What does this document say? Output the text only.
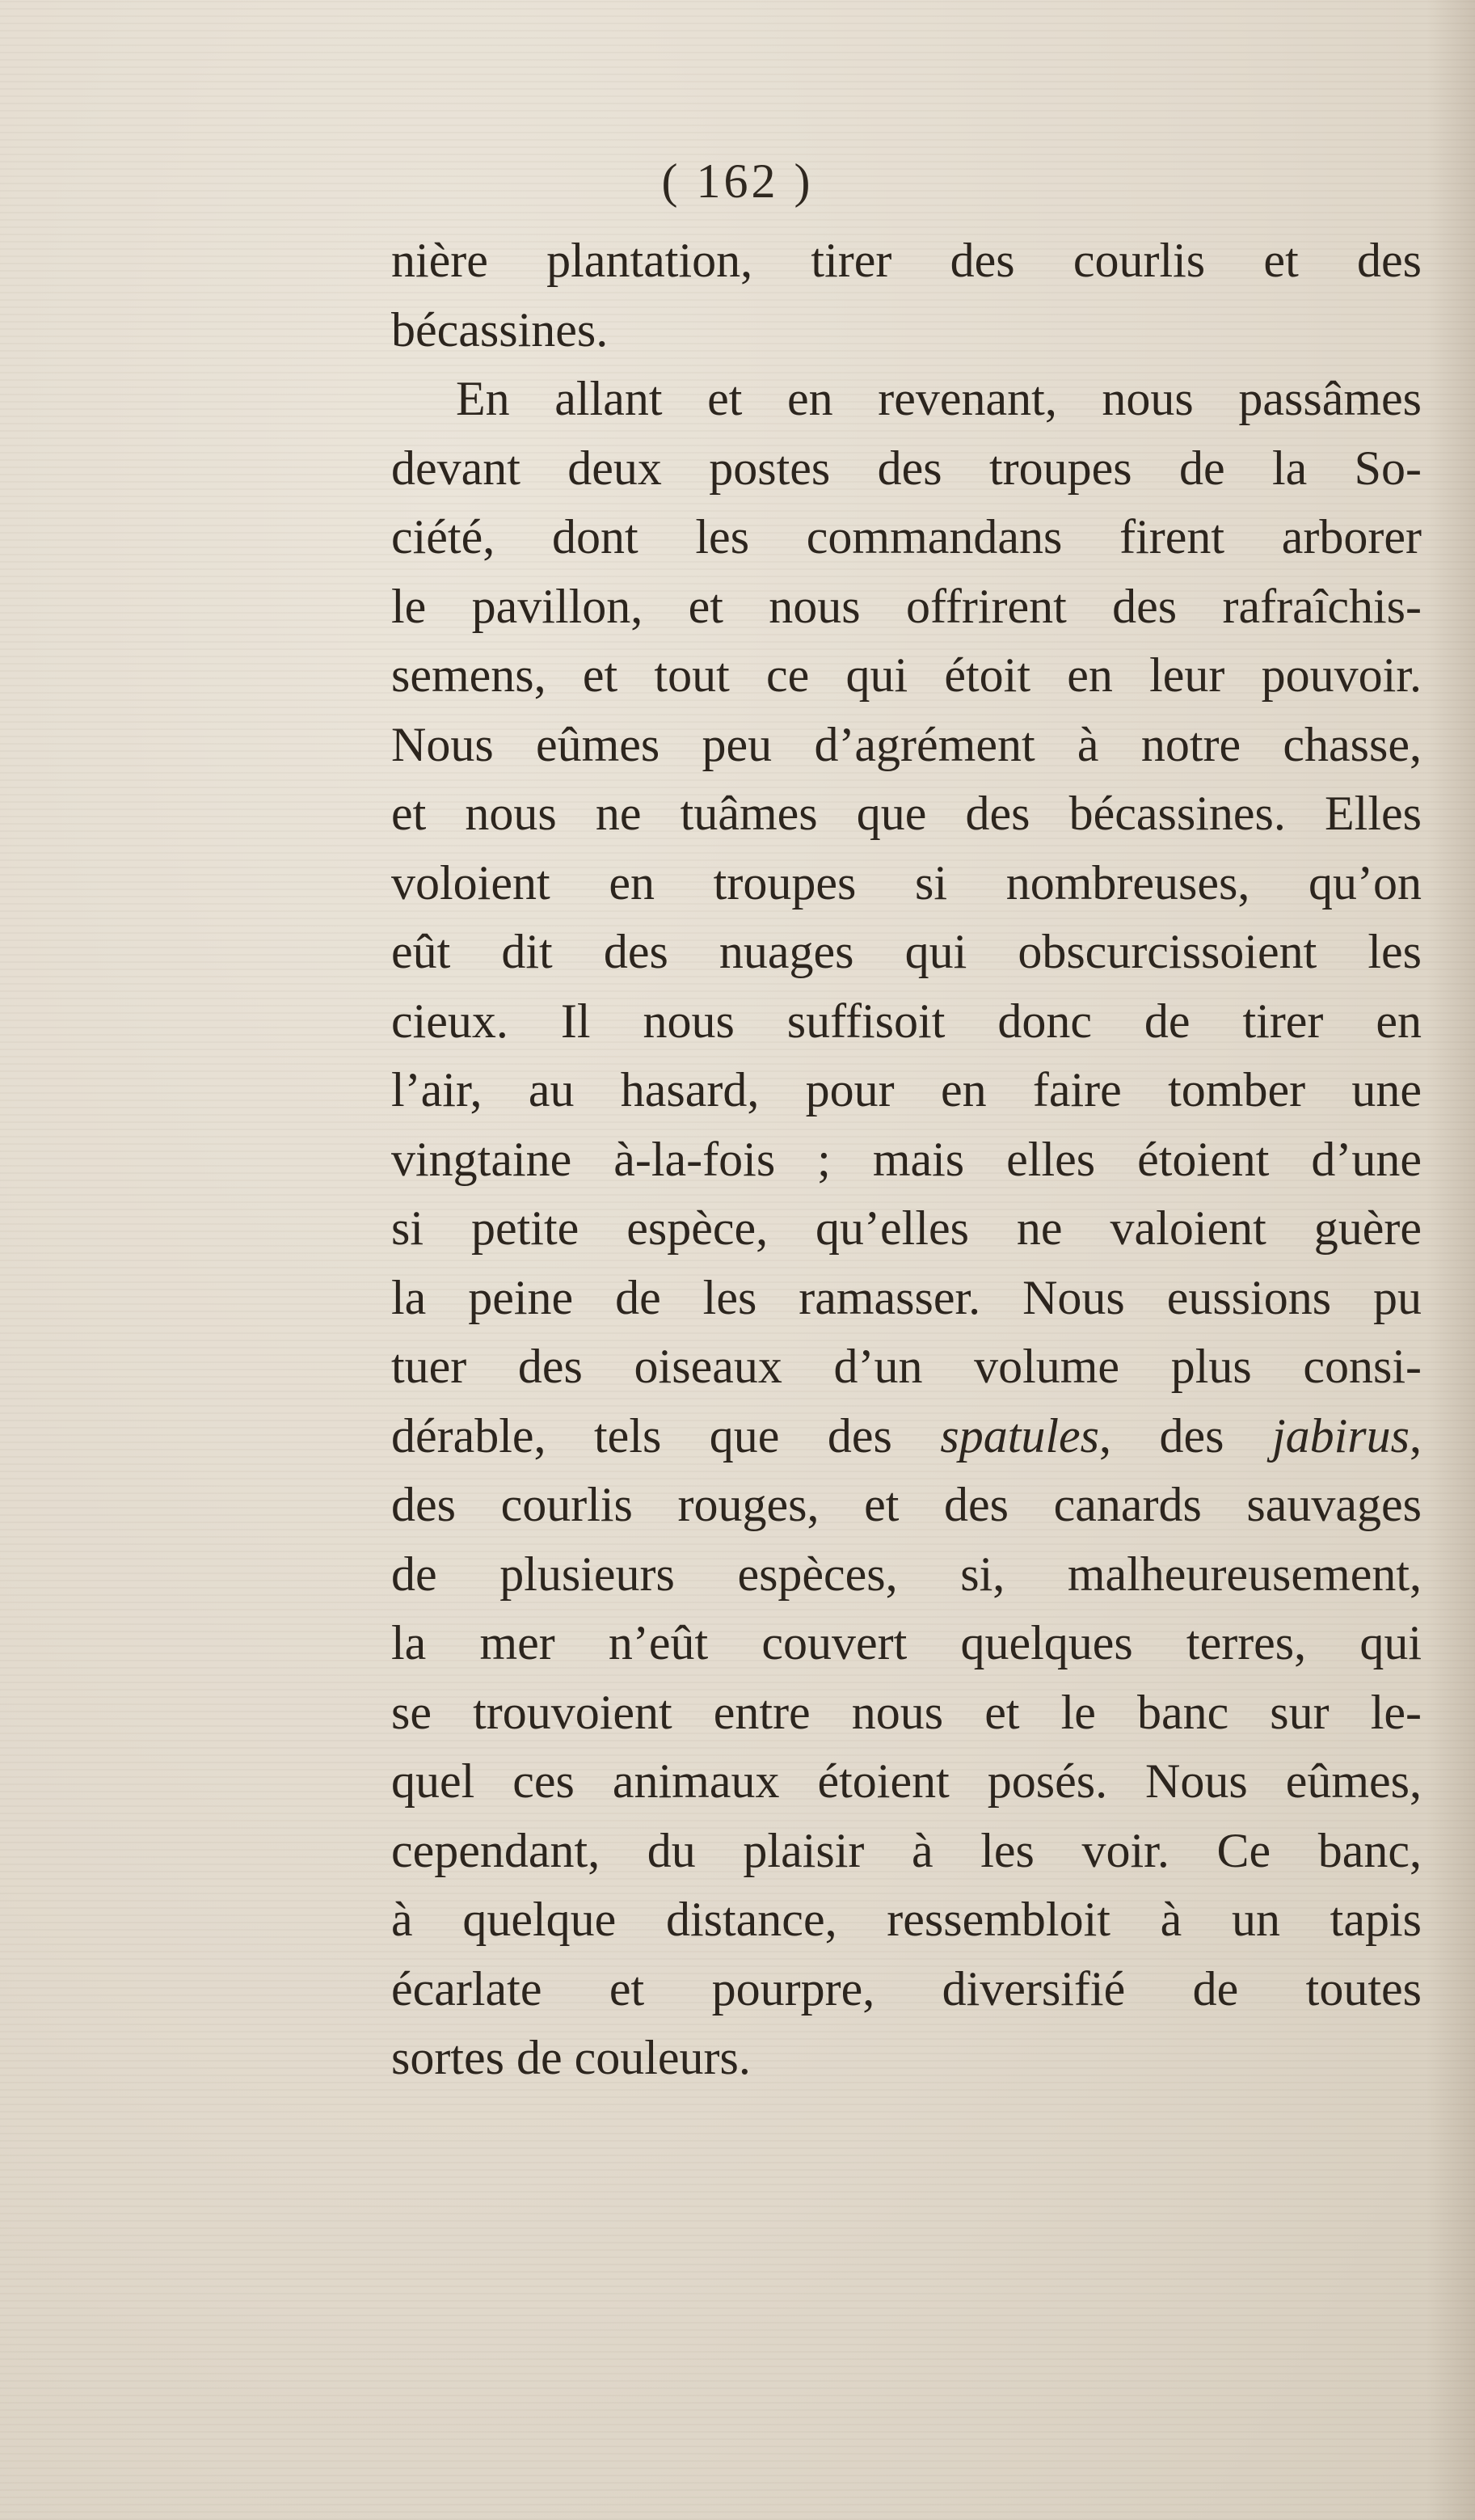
( 162 )
nière plantation, tirer des courlis et des
bécassines.
En allant et en revenant, nous passâmes
devant deux postes des troupes de la So-
ciété, dont les commandans firent arborer
le pavillon, et nous offrirent des rafraîchis-
semens, et tout ce qui étoit en leur pouvoir.
Nous eûmes peu d’agrément à notre chasse,
et nous ne tuâmes que des bécassines. Elles
voloient en troupes si nombreuses, qu’on
eût dit des nuages qui obscurcissoient les
cieux. Il nous suffisoit donc de tirer en
l’air, au hasard, pour en faire tomber une
vingtaine à-la-fois ; mais elles étoient d’une
si petite espèce, qu’elles ne valoient guère
la peine de les ramasser. Nous eussions pu
tuer des oiseaux d’un volume plus consi-
dérable, tels que des spatules, des jabirus,
des courlis rouges, et des canards sauvages
de plusieurs espèces, si, malheureusement,
la mer n’eût couvert quelques terres, qui
se trouvoient entre nous et le banc sur le-
quel ces animaux étoient posés. Nous eûmes,
cependant, du plaisir à les voir. Ce banc,
à quelque distance, ressembloit à un tapis
écarlate et pourpre, diversifié de toutes
sortes de couleurs.
